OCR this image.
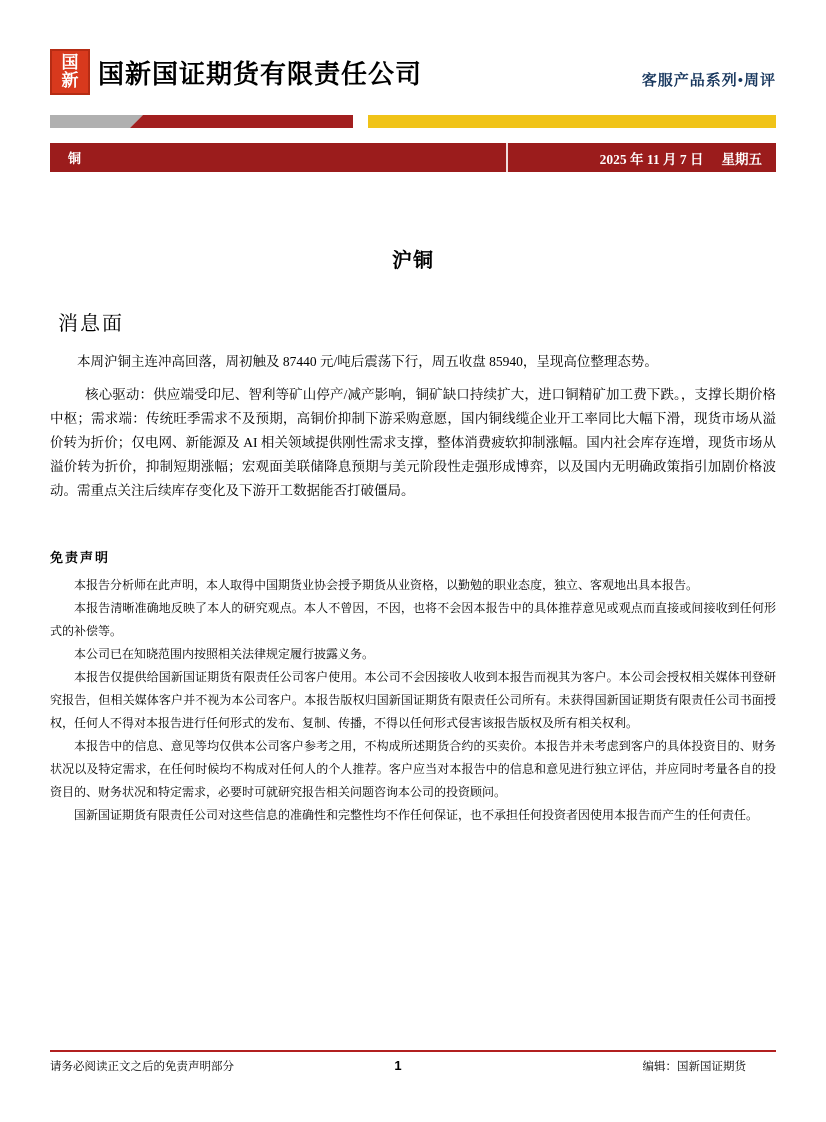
国
新 国新国证期货有限责任公司	客服产品系列•周评
铜	2025 年 11 月 7 日 星期五
沪铜
消息面

本周沪铜主连冲高回落，周初触及 87440 元/吨后震荡下行，周五收盘 85940，呈现高位整理态势。

核心驱动：供应端受印尼、智利等矿山停产/减产影响，铜矿缺口持续扩大，进口铜精矿加工费下跌。，支撑长期价格中枢；需求端：传统旺季需求不及预期，高铜价抑制下游采购意愿，国内铜线缆企业开工率同比大幅下滑，现货市场从溢价转为折价；仅电网、新能源及 AI 相关领域提供刚性需求支撑，整体消费疲软抑制涨幅。国内社会库存连增，现货市场从溢价转为折价，抑制短期涨幅；宏观面美联储降息预期与美元阶段性走强形成博弈，以及国内无明确政策指引加剧价格波动。需重点关注后续库存变化及下游开工数据能否打破僵局。

免责声明

本报告分析师在此声明，本人取得中国期货业协会授予期货从业资格，以勤勉的职业态度，独立、客观地出具本报告。

本报告清晰准确地反映了本人的研究观点。本人不曾因，不因，也将不会因本报告中的具体推荐意见或观点而直接或间接收到任何形式的补偿等。

本公司已在知晓范围内按照相关法律规定履行披露义务。

本报告仅提供给国新国证期货有限责任公司客户使用。本公司不会因接收人收到本报告而视其为客户。本公司会授权相关媒体刊登研究报告，但相关媒体客户并不视为本公司客户。本报告版权归国新国证期货有限责任公司所有。未获得国新国证期货有限责任公司书面授权，任何人不得对本报告进行任何形式的发布、复制、传播，不得以任何形式侵害该报告版权及所有相关权利。

本报告中的信息、意见等均仅供本公司客户参考之用，不构成所述期货合约的买卖价。本报告并未考虑到客户的具体投资目的、财务状况以及特定需求，在任何时候均不构成对任何人的个人推荐。客户应当对本报告中的信息和意见进行独立评估，并应同时考量各自的投资目的、财务状况和特定需求，必要时可就研究报告相关问题咨询本公司的投资顾问。

国新国证期货有限责任公司对这些信息的准确性和完整性均不作任何保证，也不承担任何投资者因使用本报告而产生的任何责任。

请务必阅读正文之后的免责声明部分	1	编辑：国新国证期货
